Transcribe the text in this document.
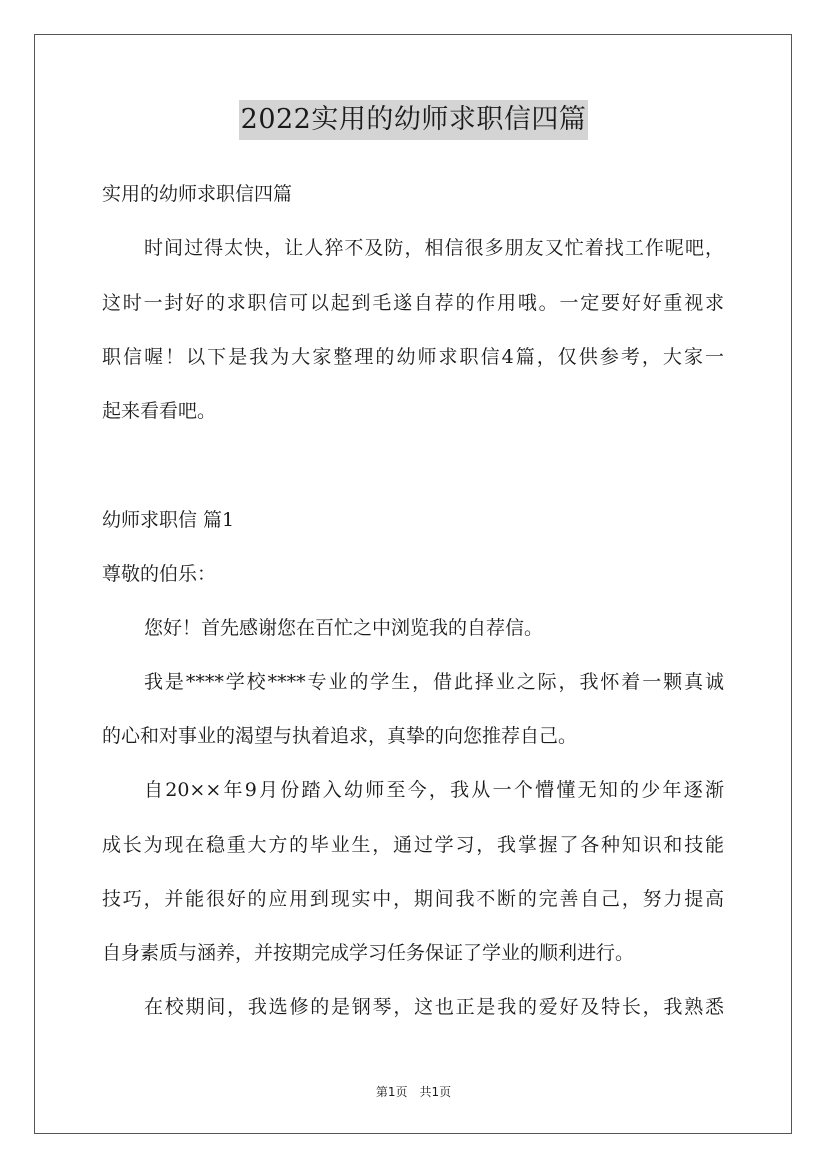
2022实用的幼师求职信四篇
实用的幼师求职信四篇
时间过得太快，让人猝不及防，相信很多朋友又忙着找工作呢吧，
这时一封好的求职信可以起到毛遂自荐的作用哦。一定要好好重视求
职信喔！以下是我为大家整理的幼师求职信4篇，仅供参考，大家一
起来看看吧。
幼师求职信 篇1
尊敬的伯乐：
您好！首先感谢您在百忙之中浏览我的自荐信。
我是****学校****专业的学生，借此择业之际，我怀着一颗真诚
的心和对事业的渴望与执着追求，真挚的向您推荐自己。
自20××年9月份踏入幼师至今，我从一个懵懂无知的少年逐渐
成长为现在稳重大方的毕业生，通过学习，我掌握了各种知识和技能
技巧，并能很好的应用到现实中，期间我不断的完善自己，努力提高
自身素质与涵养，并按期完成学习任务保证了学业的顺利进行。
在校期间，我选修的是钢琴，这也正是我的爱好及特长，我熟悉
第1页　共1页
